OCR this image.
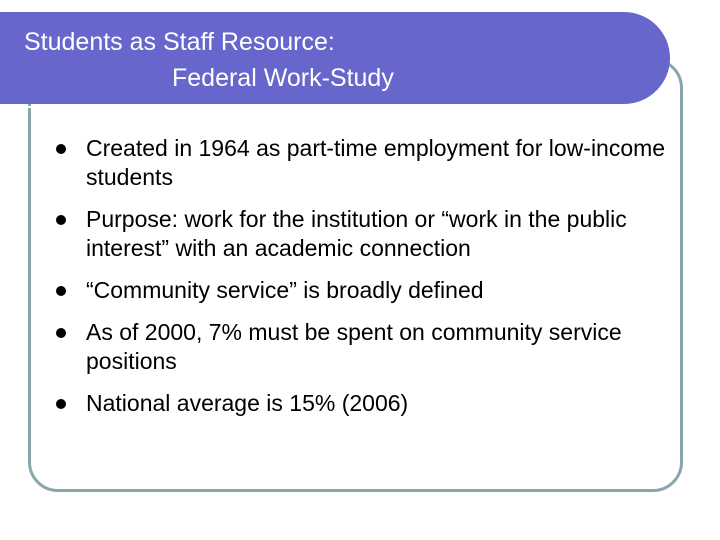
Students as Staff Resource:
Federal Work-Study
Created in 1964 as part-time employment for low-income students
Purpose: work for the institution or “work in the public interest” with an academic connection
“Community service” is broadly defined
As of 2000, 7% must be spent on community service positions
National average is 15% (2006)
